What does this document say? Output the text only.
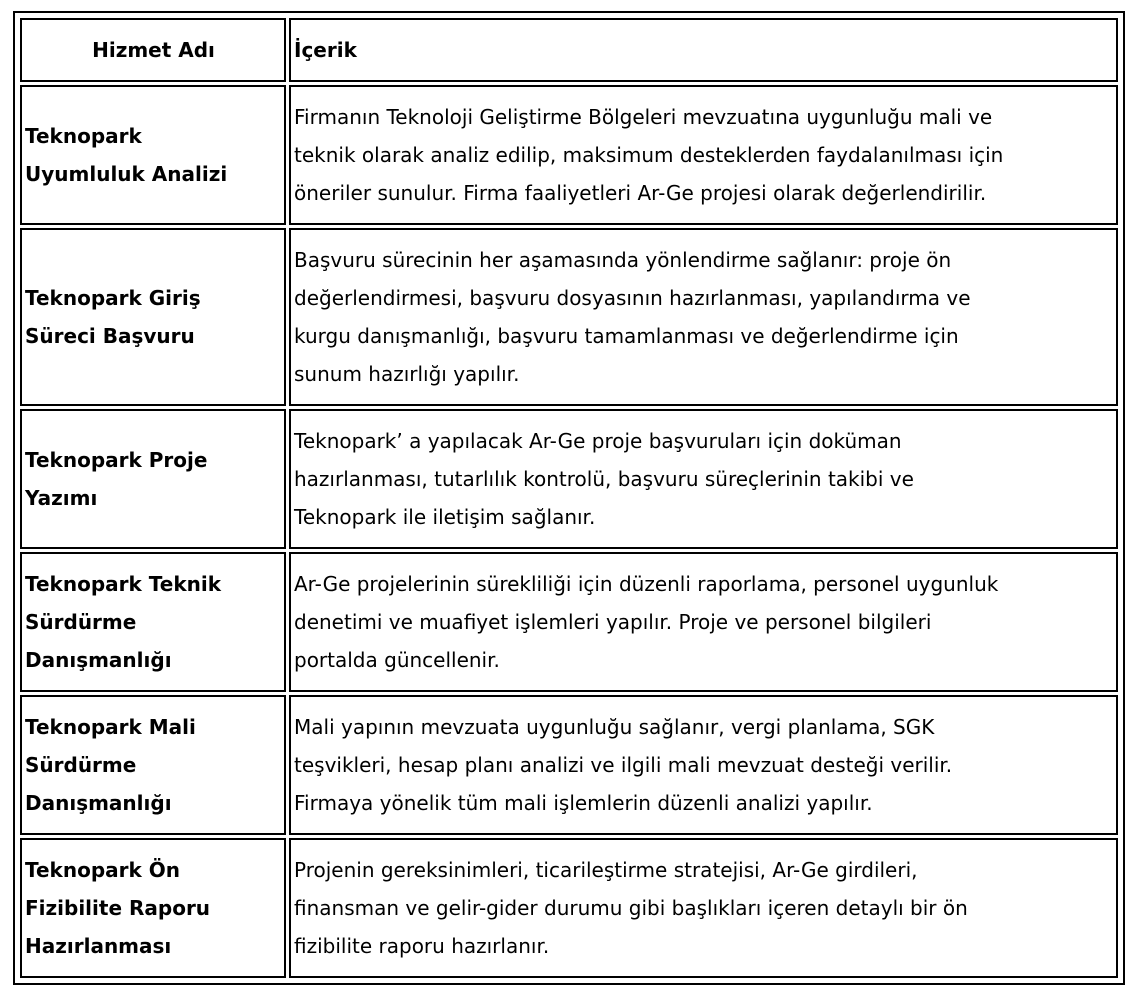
Hizmet Adı	İçerik

Teknopark
Uyumluluk Analizi	Firmanın Teknoloji Geliştirme Bölgeleri mevzuatına uygunluğu mali ve
teknik olarak analiz edilip, maksimum desteklerden faydalanılması için
öneriler sunulur. Firma faaliyetleri Ar-Ge projesi olarak değerlendirilir.

Teknopark Giriş
Süreci Başvuru	Başvuru sürecinin her aşamasında yönlendirme sağlanır: proje ön
değerlendirmesi, başvuru dosyasının hazırlanması, yapılandırma ve
kurgu danışmanlığı, başvuru tamamlanması ve değerlendirme için
sunum hazırlığı yapılır.

Teknopark Proje
Yazımı	Teknopark’ a yapılacak Ar-Ge proje başvuruları için doküman
hazırlanması, tutarlılık kontrolü, başvuru süreçlerinin takibi ve
Teknopark ile iletişim sağlanır.

Teknopark Teknik
Sürdürme
Danışmanlığı	Ar-Ge projelerinin sürekliliği için düzenli raporlama, personel uygunluk
denetimi ve muafiyet işlemleri yapılır. Proje ve personel bilgileri
portalda güncellenir.

Teknopark Mali
Sürdürme
Danışmanlığı	Mali yapının mevzuata uygunluğu sağlanır, vergi planlama, SGK
teşvikleri, hesap planı analizi ve ilgili mali mevzuat desteği verilir.
Firmaya yönelik tüm mali işlemlerin düzenli analizi yapılır.

Teknopark Ön
Fizibilite Raporu
Hazırlanması	Projenin gereksinimleri, ticarileştirme stratejisi, Ar-Ge girdileri,
finansman ve gelir-gider durumu gibi başlıkları içeren detaylı bir ön
fizibilite raporu hazırlanır.
